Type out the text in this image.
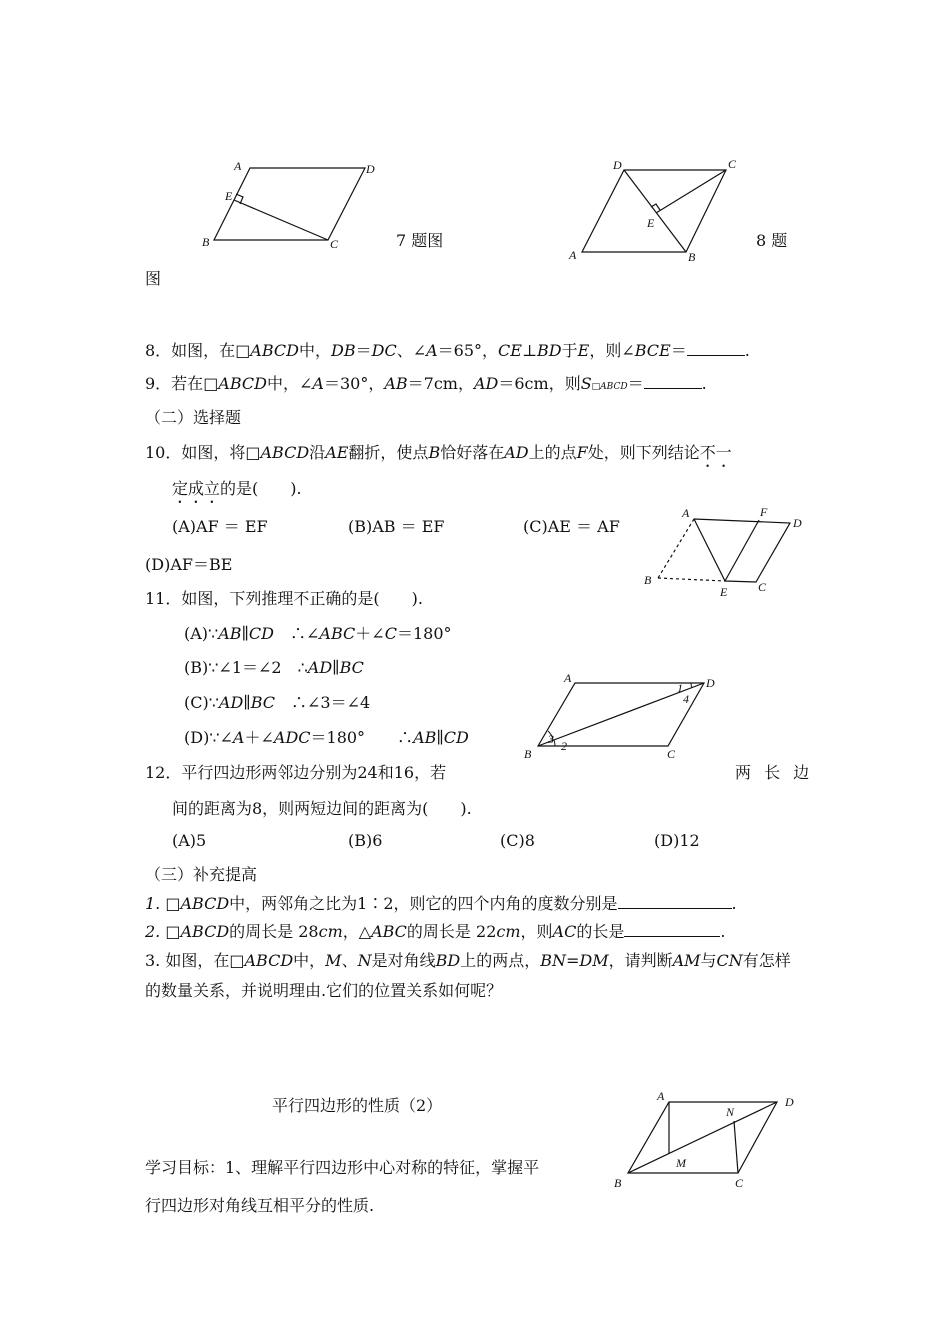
A	D
E
B	C	7 题图
D	C
E
A	B
8 题
图
8．如图，在□ABCD中，DB＝DC、∠A＝65°，CE⊥BD于E，则∠BCE＝	.
9．若在□ABCD中，∠A＝30°，AB＝7cm，AD＝6cm，则S□ABCD＝	.
（二）选择题
10．如图，将□ABCD沿AE翻折，使点B恰好落在AD上的点F处，则下列结论不一
定成立的是(　　).
(A)AF ＝ EF	(B)AB ＝ EF	(C)AE ＝ AF
(D)AF＝BE
A	F
D
B
E	C
11．如图，下列推理不正确的是(　　).
(A)∵AB∥CD　∴∠ABC＋∠C＝180°
(B)∵∠1＝∠2　∴AD∥BC
(C)∵AD∥BC　∴∠3＝∠4
(D)∵∠A＋∠ADC＝180°　　∴AB∥CD
A	D
B	C
1
2
3
4
12．平行四边形两邻边分别为24和16，若	两 长 边
间的距离为8，则两短边间的距离为(　　).
(A)5	(B)6	(C)8	(D)12
（三）补充提高
1. □ABCD中，两邻角之比为1∶2，则它的四个内角的度数分别是	.
2. □ABCD的周长是 28cm，△ABC的周长是 22cm，则AC的长是	.
3. 如图，在□ABCD中，M、N是对角线BD上的两点，BN=DM，请判断AM与CN有怎样
的数量关系，并说明理由.它们的位置关系如何呢？
平行四边形的性质（2）	A	D
N
M
B	C
学习目标：1、理解平行四边形中心对称的特征，掌握平
行四边形对角线互相平分的性质.
